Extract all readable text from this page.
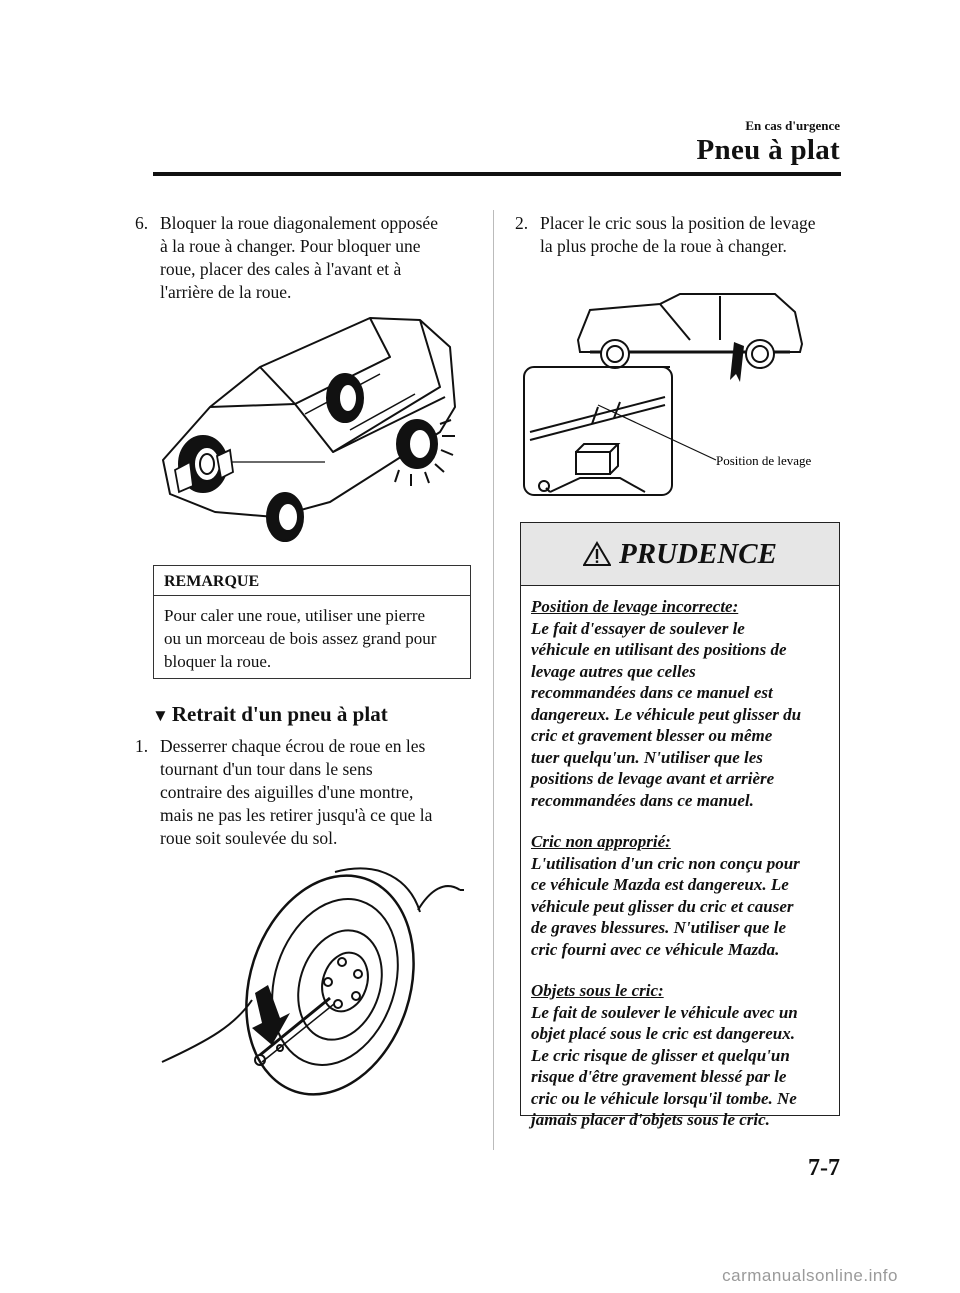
En cas d'urgence
Pneu à plat
6. Bloquer la roue diagonalement opposée
à la roue à changer. Pour bloquer une
roue, placer des cales à l'avant et à
l'arrière de la roue.
REMARQUE
Pour caler une roue, utiliser une pierre
ou un morceau de bois assez grand pour
bloquer la roue.
▼ Retrait d'un pneu à plat
1. Desserrer chaque écrou de roue en les
tournant d'un tour dans le sens
contraire des aiguilles d'une montre,
mais ne pas les retirer jusqu'à ce que la
roue soit soulevée du sol.
2. Placer le cric sous la position de levage
la plus proche de la roue à changer.
Position de levage
PRUDENCE
Position de levage incorrecte:
Le fait d'essayer de soulever le
véhicule en utilisant des positions de
levage autres que celles
recommandées dans ce manuel est
dangereux. Le véhicule peut glisser du
cric et gravement blesser ou même
tuer quelqu'un. N'utiliser que les
positions de levage avant et arrière
recommandées dans ce manuel.
Cric non approprié:
L'utilisation d'un cric non conçu pour
ce véhicule Mazda est dangereux. Le
véhicule peut glisser du cric et causer
de graves blessures. N'utiliser que le
cric fourni avec ce véhicule Mazda.
Objets sous le cric:
Le fait de soulever le véhicule avec un
objet placé sous le cric est dangereux.
Le cric risque de glisser et quelqu'un
risque d'être gravement blessé par le
cric ou le véhicule lorsqu'il tombe. Ne
jamais placer d'objets sous le cric.
7-7
carmanualsonline.info
